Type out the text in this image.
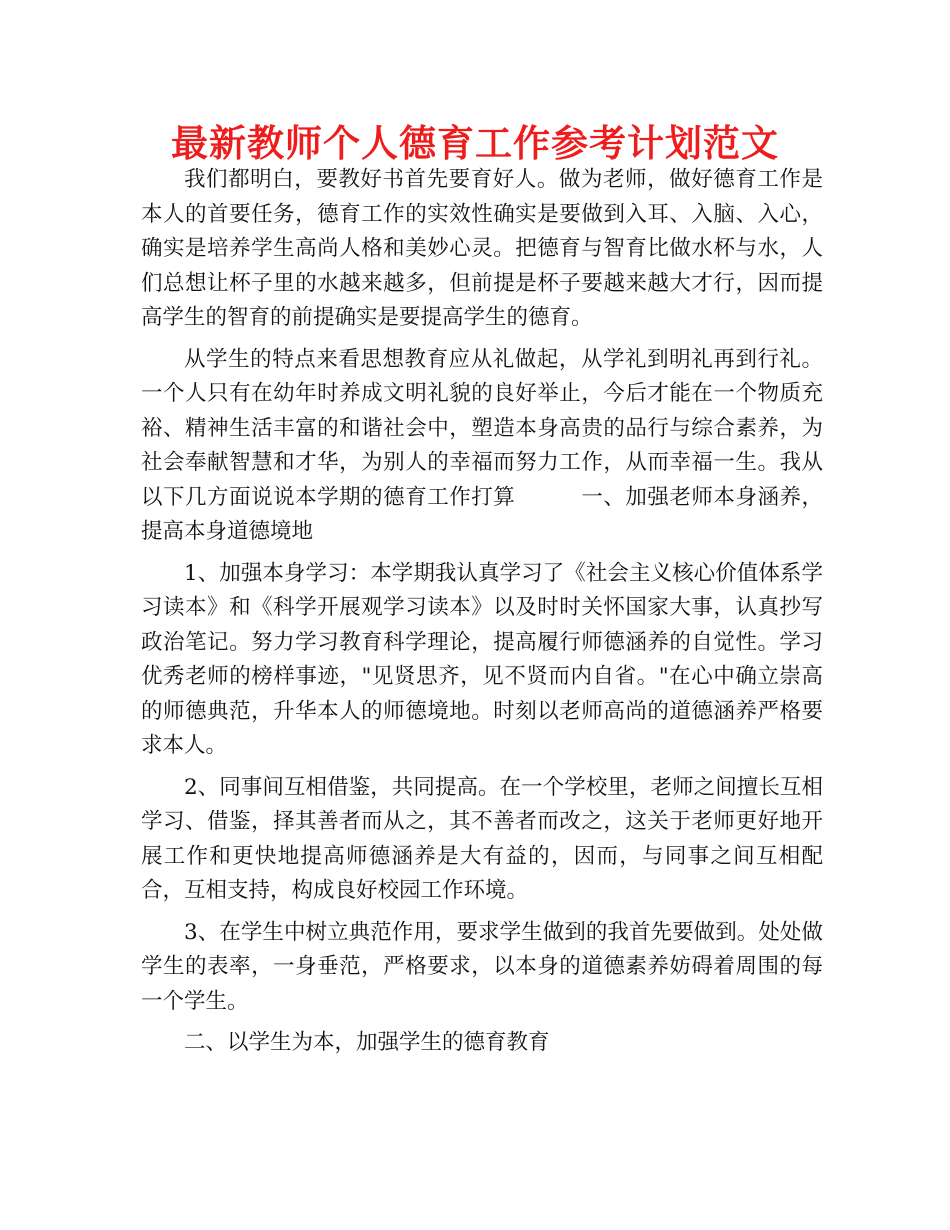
最新教师个人德育工作参考计划范文

我们都明白，要教好书首先要育好人。做为老师，做好德育工作是本人的首要任务，德育工作的实效性确实是要做到入耳、入脑、入心，确实是培养学生高尚人格和美妙心灵。把德育与智育比做水杯与水，人们总想让杯子里的水越来越多，但前提是杯子要越来越大才行，因而提高学生的智育的前提确实是要提高学生的德育。

从学生的特点来看思想教育应从礼做起，从学礼到明礼再到行礼。一个人只有在幼年时养成文明礼貌的良好举止，今后才能在一个物质充裕、精神生活丰富的和谐社会中，塑造本身高贵的品行与综合素养，为社会奉献智慧和才华，为别人的幸福而努力工作，从而幸福一生。我从以下几方面说说本学期的德育工作打算　　　一、加强老师本身涵养，提高本身道德境地

1、加强本身学习：本学期我认真学习了《社会主义核心价值体系学习读本》和《科学开展观学习读本》以及时时关怀国家大事，认真抄写政治笔记。努力学习教育科学理论，提高履行师德涵养的自觉性。学习优秀老师的榜样事迹，"见贤思齐，见不贤而内自省。"在心中确立崇高的师德典范，升华本人的师德境地。时刻以老师高尚的道德涵养严格要求本人。

2、同事间互相借鉴，共同提高。在一个学校里，老师之间擅长互相学习、借鉴，择其善者而从之，其不善者而改之，这关于老师更好地开展工作和更快地提高师德涵养是大有益的，因而，与同事之间互相配合，互相支持，构成良好校园工作环境。

3、在学生中树立典范作用，要求学生做到的我首先要做到。处处做学生的表率，一身垂范，严格要求，以本身的道德素养妨碍着周围的每一个学生。

二、以学生为本，加强学生的德育教育
